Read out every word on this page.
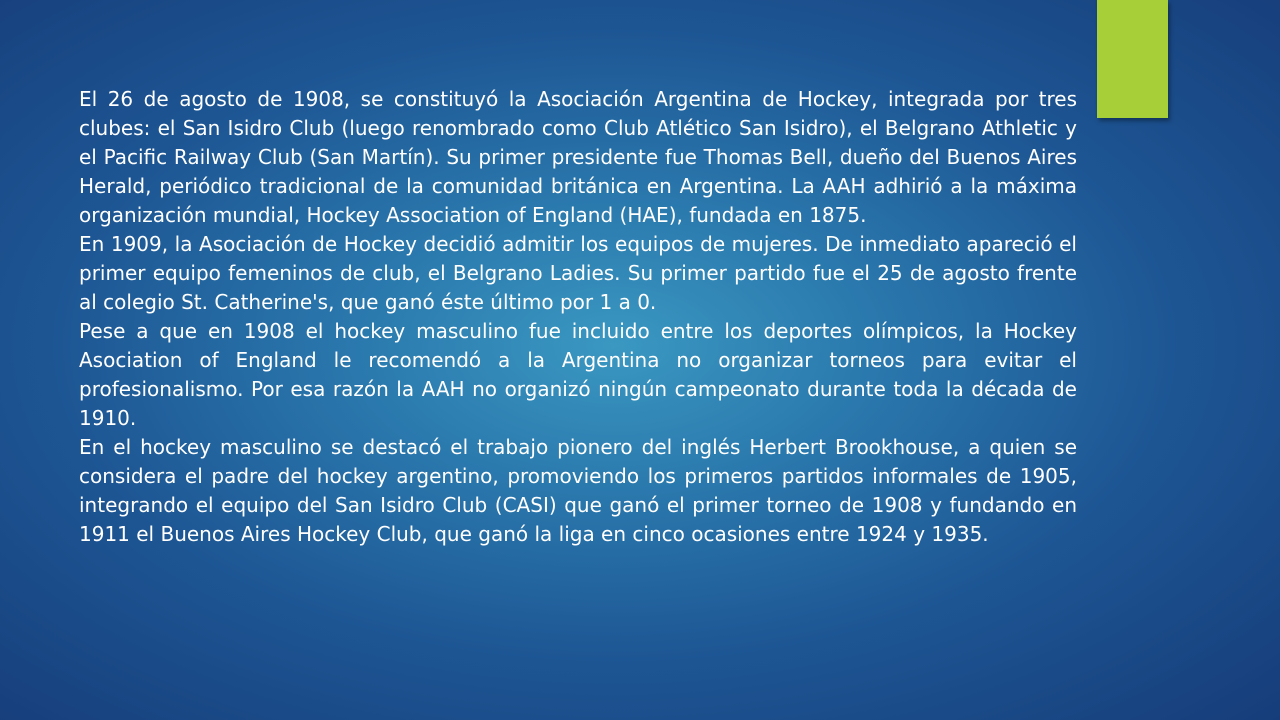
El 26 de agosto de 1908, se constituyó la Asociación Argentina de Hockey, integrada por tres clubes: el San Isidro Club (luego renombrado como Club Atlético San Isidro), el Belgrano Athletic y el Pacific Railway Club (San Martín). Su primer presidente fue Thomas Bell, dueño del Buenos Aires Herald, periódico tradicional de la comunidad británica en Argentina. La AAH adhirió a la máxima organización mundial, Hockey Association of England (HAE), fundada en 1875.

En 1909, la Asociación de Hockey decidió admitir los equipos de mujeres. De inmediato apareció el primer equipo femeninos de club, el Belgrano Ladies. Su primer partido fue el 25 de agosto frente al colegio St. Catherine's, que ganó éste último por 1 a 0.

Pese a que en 1908 el hockey masculino fue incluido entre los deportes olímpicos, la Hockey Asociation of England le recomendó a la Argentina no organizar torneos para evitar el profesionalismo. Por esa razón la AAH no organizó ningún campeonato durante toda la década de 1910.

En el hockey masculino se destacó el trabajo pionero del inglés Herbert Brookhouse, a quien se considera el padre del hockey argentino, promoviendo los primeros partidos informales de 1905, integrando el equipo del San Isidro Club (CASI) que ganó el primer torneo de 1908 y fundando en 1911 el Buenos Aires Hockey Club, que ganó la liga en cinco ocasiones entre 1924 y 1935.
